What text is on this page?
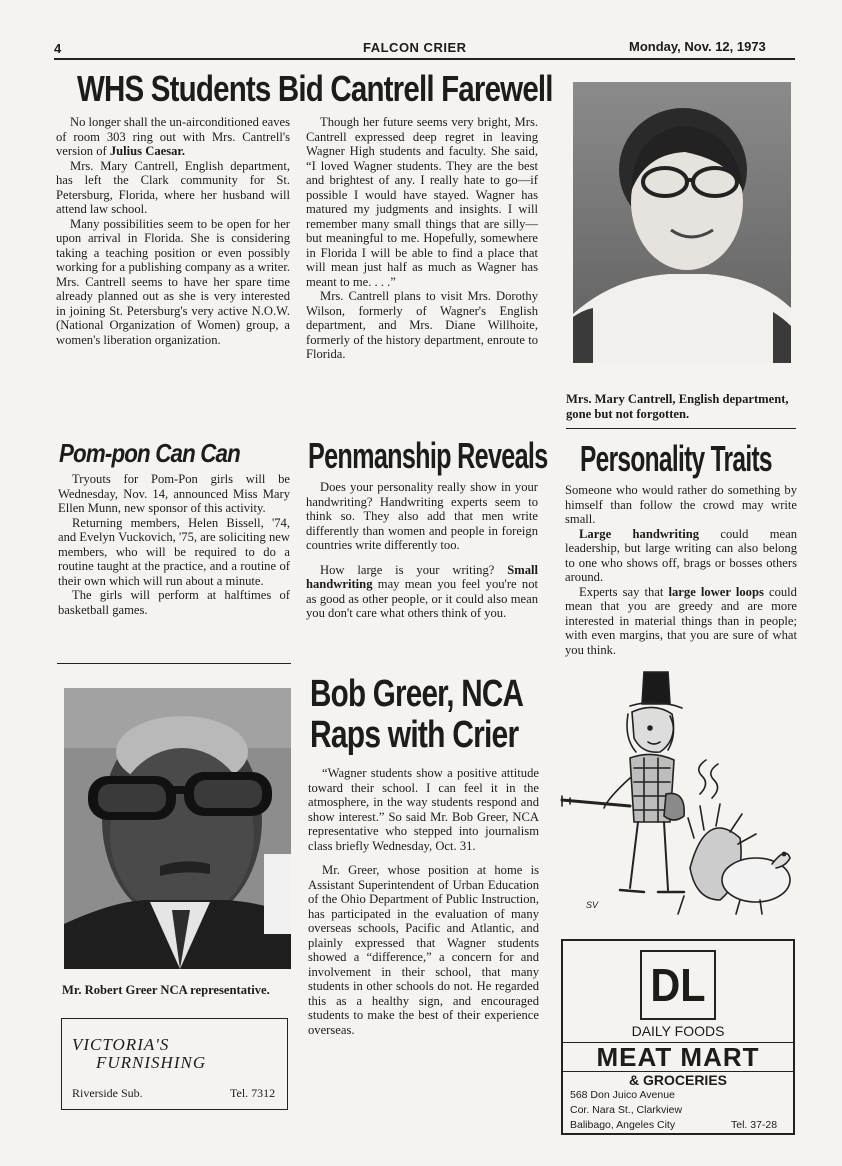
4	FALCON CRIER	Monday, Nov. 12, 1973
WHS Students Bid Cantrell Farewell

No longer shall the un-airconditioned eaves of room 303 ring out with Mrs. Cantrell's version of Julius Caesar.

Mrs. Mary Cantrell, English department, has left the Clark community for St. Petersburg, Florida, where her husband will attend law school.

Many possibilities seem to be open for her upon arrival in Florida. She is considering taking a teaching position or even possibly working for a publishing company as a writer. Mrs. Cantrell seems to have her spare time already planned out as she is very interested in joining St. Petersburg's very active N.O.W. (National Organization of Women) group, a women's liberation organization.

Though her future seems very bright, Mrs. Cantrell expressed deep regret in leaving Wagner High students and faculty. She said, “I loved Wagner students. They are the best and brightest of any. I really hate to go—if possible I would have stayed. Wagner has matured my judgments and insights. I will remember many small things that are silly—but meaningful to me. Hopefully, somewhere in Florida I will be able to find a place that will mean just half as much as Wagner has meant to me. . . .”

Mrs. Cantrell plans to visit Mrs. Dorothy Wilson, formerly of Wagner's English department, and Mrs. Diane Willhoite, formerly of the history department, enroute to Florida.

Mrs. Mary Cantrell, English department, gone but not forgotten.
Pom-pon Can Can

Tryouts for Pom-Pon girls will be Wednesday, Nov. 14, announced Miss Mary Ellen Munn, new sponsor of this activity.

Returning members, Helen Bissell, '74, and Evelyn Vuckovich, '75, are soliciting new members, who will be required to do a routine taught at the practice, and a routine of their own which will run about a minute.

The girls will perform at halftimes of basketball games.

Penmanship Reveals

Does your personality really show in your handwriting? Handwriting experts seem to think so. They also add that men write differently than women and people in foreign countries write differently too.

How large is your writing? Small handwriting may mean you feel you're not as good as other people, or it could also mean you don't care what others think of you.

Personality Traits

Someone who would rather do something by himself than follow the crowd may write small.

Large handwriting could mean leadership, but large writing can also belong to one who shows off, brags or bosses others around.

Experts say that large lower loops could mean that you are greedy and are more interested in material things than in people; with even margins, that you are sure of what you think.

Mr. Robert Greer NCA representative.
Bob Greer, NCA
Raps with Crier

“Wagner students show a positive attitude toward their school. I can feel it in the atmosphere, in the way students respond and show interest.” So said Mr. Bob Greer, NCA representative who stepped into journalism class briefly Wednesday, Oct. 31.

Mr. Greer, whose position at home is Assistant Superintendent of Urban Education of the Ohio Department of Public Instruction, has participated in the evaluation of many overseas schools, Pacific and Atlantic, and plainly expressed that Wagner students showed a “difference,” a concern for and involvement in their school, that many students in other schools do not. He regarded this as a healthy sign, and encouraged students to make the best of their experience overseas.

SV
VICTORIA'S
FURNISHING
Riverside Sub.	Tel. 7312
DL
DAILY FOODS
MEAT MART
& GROCERIES
568 Don Juico Avenue
Cor. Nara St., Clarkview
Balibago, Angeles City	Tel. 37-28
